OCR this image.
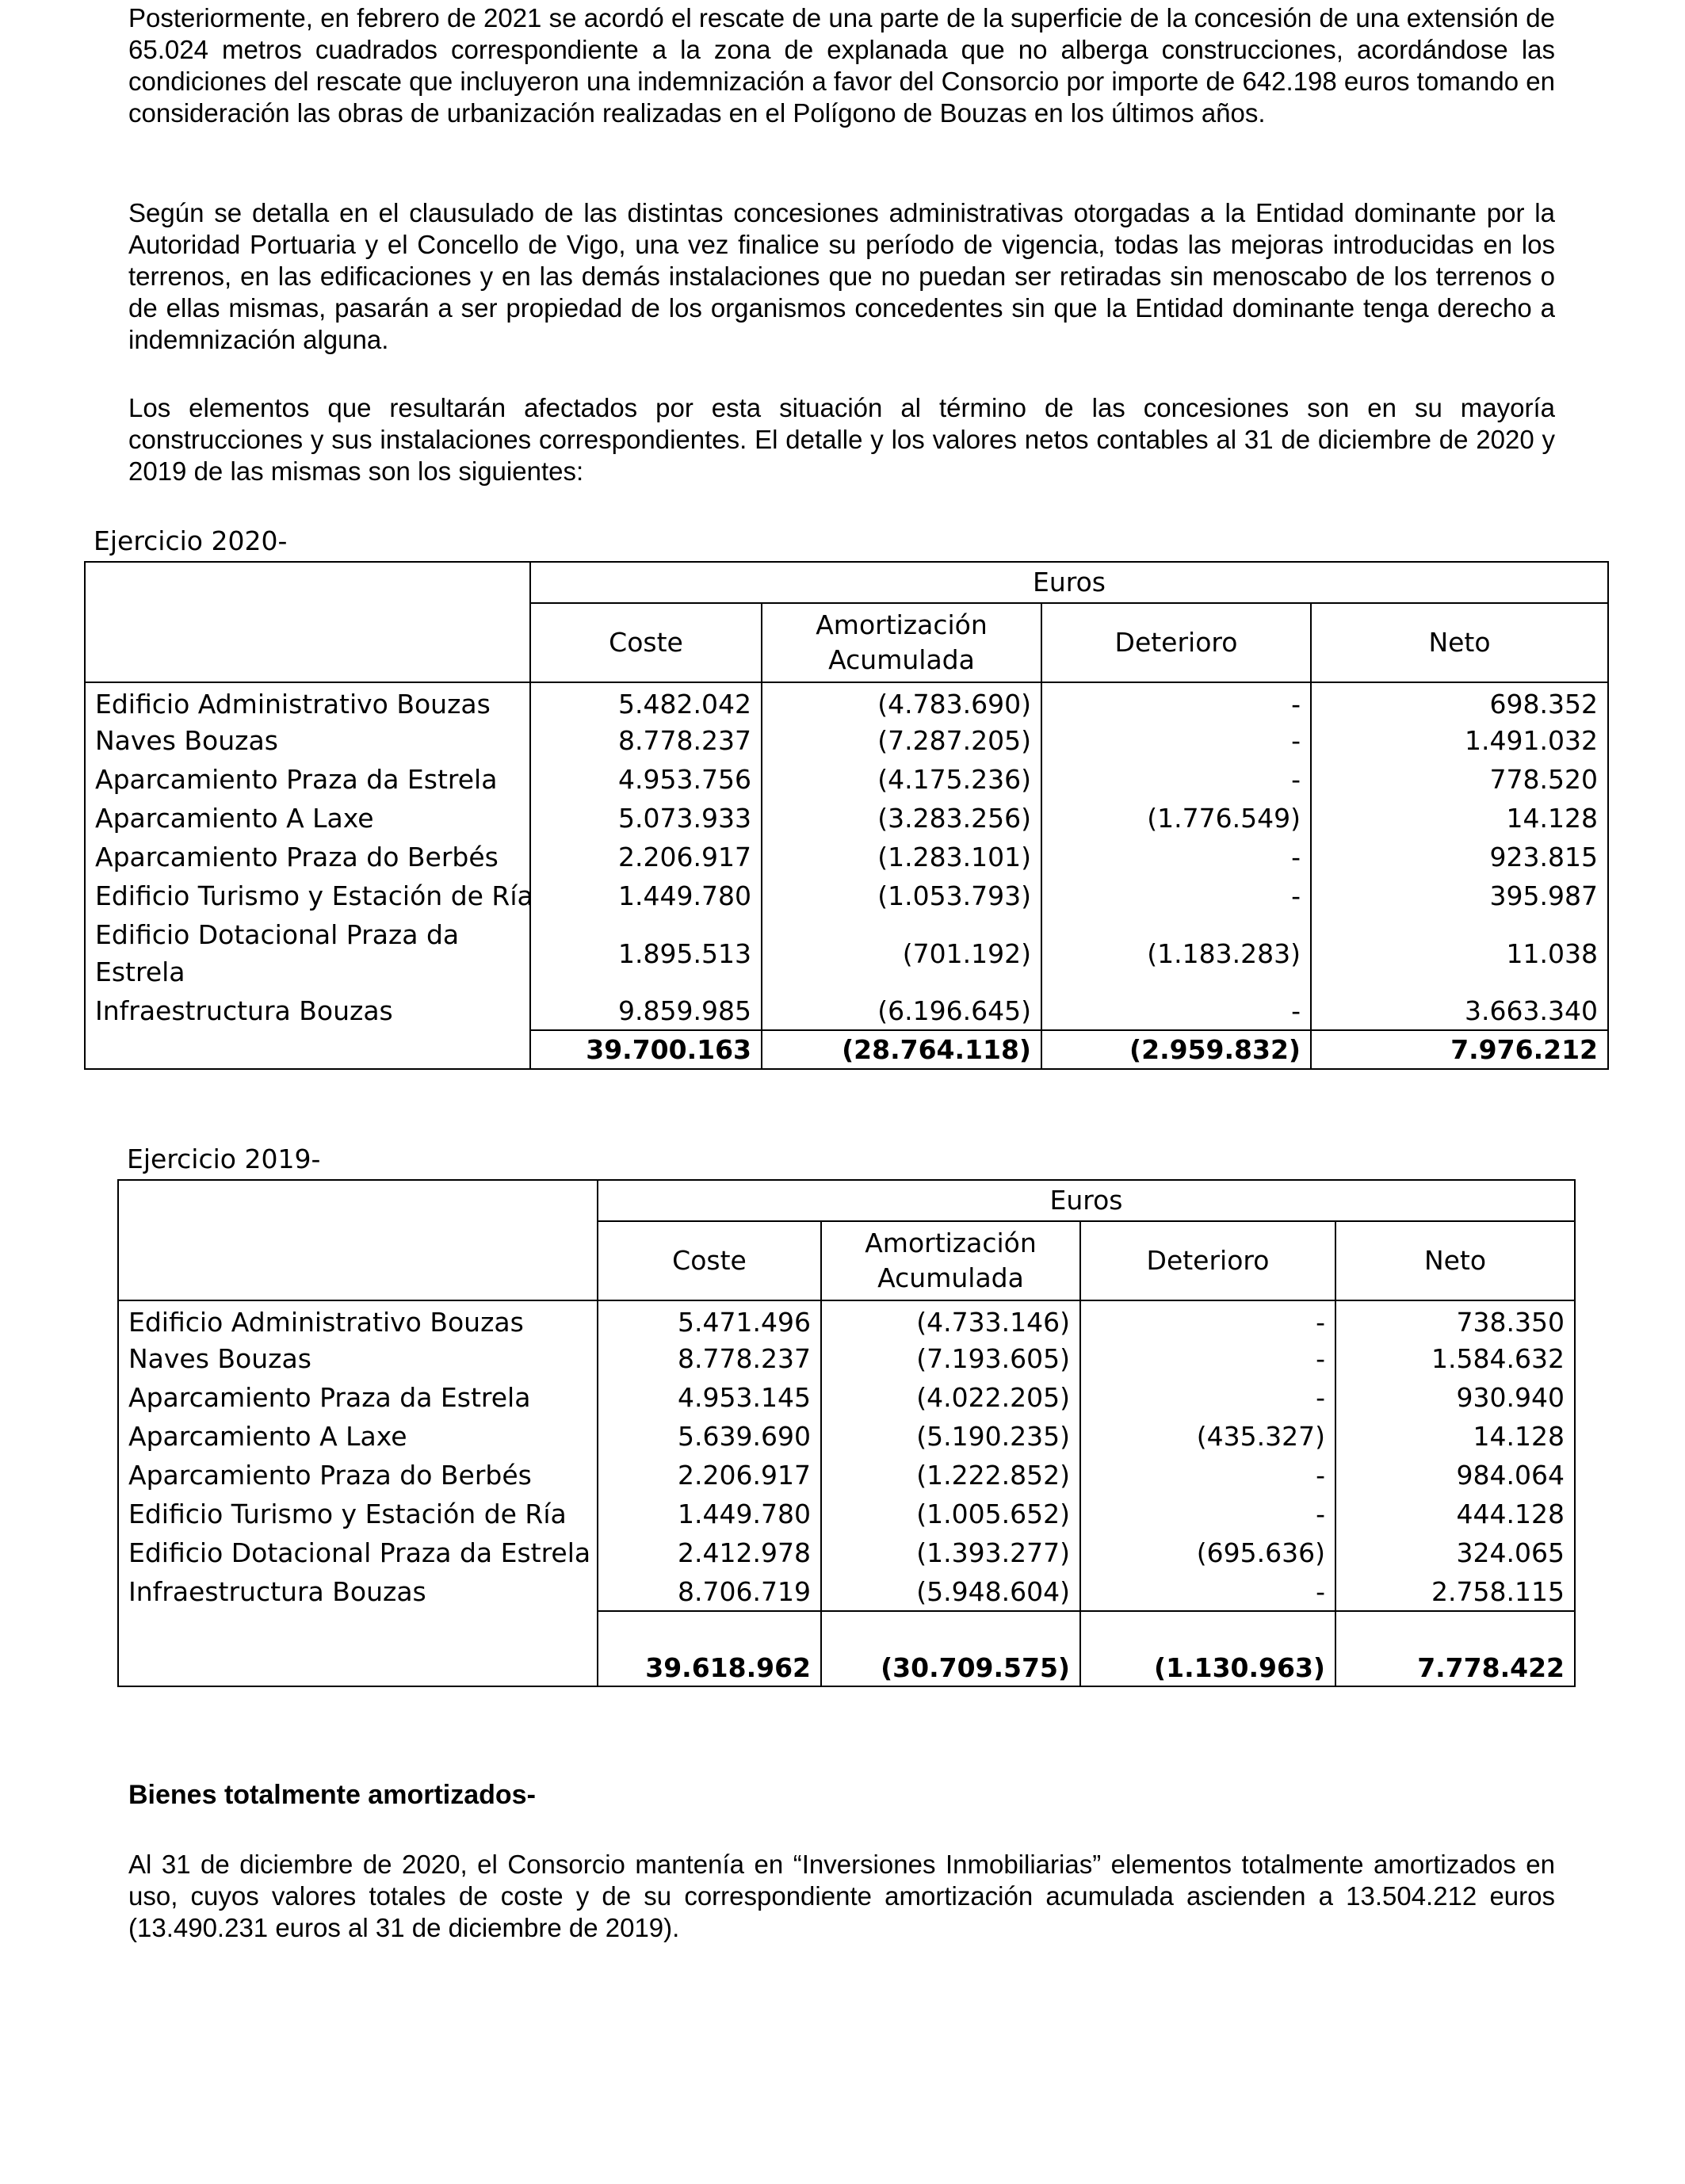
Posteriormente, en febrero de 2021 se acordó el rescate de una parte de la superficie de la concesión de una extensión de 65.024 metros cuadrados correspondiente a la zona de explanada que no alberga construcciones, acordándose las condiciones del rescate que incluyeron una indemnización a favor del Consorcio por importe de 642.198 euros tomando en consideración las obras de urbanización realizadas en el Polígono de Bouzas en los últimos años.

Según se detalla en el clausulado de las distintas concesiones administrativas otorgadas a la Entidad dominante por la Autoridad Portuaria y el Concello de Vigo, una vez finalice su período de vigencia, todas las mejoras introducidas en los terrenos, en las edificaciones y en las demás instalaciones que no puedan ser retiradas sin menoscabo de los terrenos o de ellas mismas, pasarán a ser propiedad de los organismos concedentes sin que la Entidad dominante tenga derecho a indemnización alguna.

Los elementos que resultarán afectados por esta situación al término de las concesiones son en su mayoría construcciones y sus instalaciones correspondientes. El detalle y los valores netos contables al 31 de diciembre de 2020 y 2019 de las mismas son los siguientes:

Ejercicio 2020-

	Euros			
	Coste	Amortización Acumulada	Deterioro	Neto
Edificio Administrativo Bouzas	5.482.042	(4.783.690)	-	698.352
Naves Bouzas	8.778.237	(7.287.205)	-	1.491.032
Aparcamiento Praza da Estrela	4.953.756	(4.175.236)	-	778.520
Aparcamiento A Laxe	5.073.933	(3.283.256)	(1.776.549)	14.128
Aparcamiento Praza do Berbés	2.206.917	(1.283.101)	-	923.815
Edificio Turismo y Estación de Ría	1.449.780	(1.053.793)	-	395.987
Edificio Dotacional Praza da Estrela	1.895.513	(701.192)	(1.183.283)	11.038
Infraestructura Bouzas	9.859.985	(6.196.645)	-	3.663.340
	39.700.163	(28.764.118)	(2.959.832)	7.976.212

Ejercicio 2019-

	Euros			
	Coste	Amortización Acumulada	Deterioro	Neto
Edificio Administrativo Bouzas	5.471.496	(4.733.146)	-	738.350
Naves Bouzas	8.778.237	(7.193.605)	-	1.584.632
Aparcamiento Praza da Estrela	4.953.145	(4.022.205)	-	930.940
Aparcamiento A Laxe	5.639.690	(5.190.235)	(435.327)	14.128
Aparcamiento Praza do Berbés	2.206.917	(1.222.852)	-	984.064
Edificio Turismo y Estación de Ría	1.449.780	(1.005.652)	-	444.128
Edificio Dotacional Praza da Estrela	2.412.978	(1.393.277)	(695.636)	324.065
Infraestructura Bouzas	8.706.719	(5.948.604)	-	2.758.115

	39.618.962	(30.709.575)	(1.130.963)	7.778.422

Bienes totalmente amortizados-

Al 31 de diciembre de 2020, el Consorcio mantenía en “Inversiones Inmobiliarias” elementos totalmente amortizados en uso, cuyos valores totales de coste y de su correspondiente amortización acumulada ascienden a 13.504.212 euros (13.490.231 euros al 31 de diciembre de 2019).
